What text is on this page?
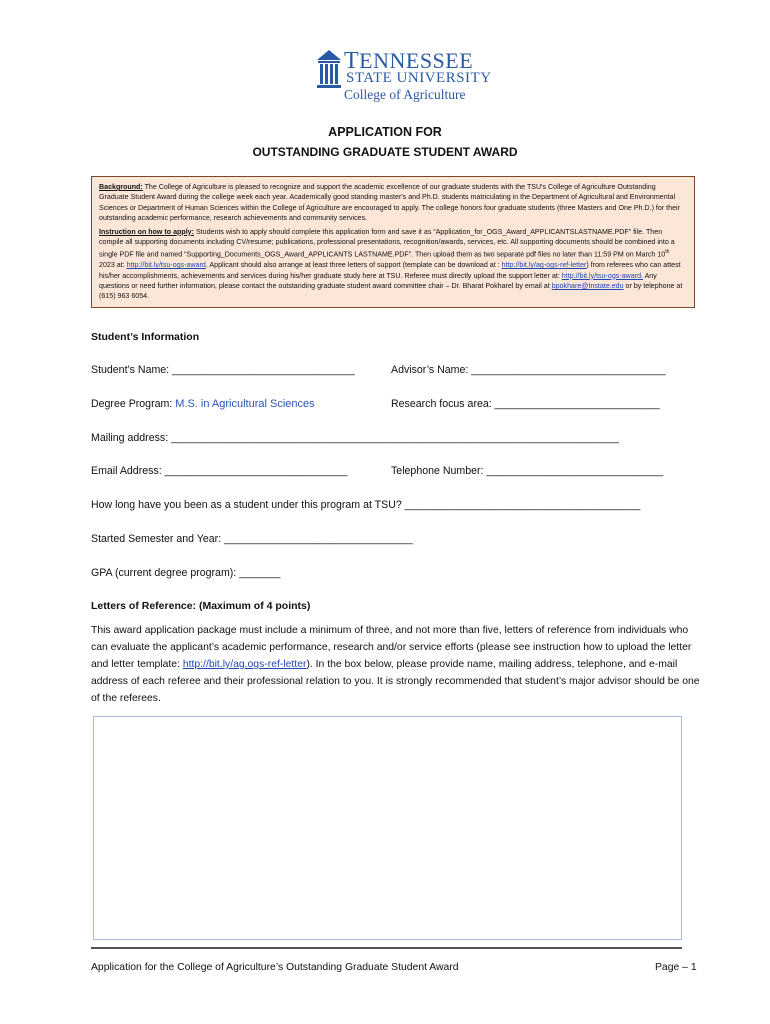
TENNESSEE
STATE UNIVERSITY
College of Agriculture
APPLICATION FOR
OUTSTANDING GRADUATE STUDENT AWARD

Background: The College of Agriculture is pleased to recognize and support the academic excellence of our graduate students with the TSU's College of Agriculture Outstanding Graduate Student Award during the college week each year. Academically good standing master's and Ph.D. students matriculating in the Department of Agricultural and Environmental Sciences or Department of Human Sciences within the College of Agriculture are encouraged to apply. The college honors four graduate students (three Masters and One Ph.D.) for their outstanding academic performance, research achievements and community services.

Instruction on how to apply: Students wish to apply should complete this application form and save it as “Application_for_OGS_Award_APPLICANTSLASTNAME.PDF” file. Then compile all supporting documents including CV/resume; publications, professional presentations, recognition/awards, services, etc. All supporting documents should be combined into a single PDF file and named “Supporting_Documents_OGS_Award_APPLICANTS LASTNAME.PDF”. Then upload them as two separate pdf files no later than 11:59 PM on March 10th 2023 at: http://bit.ly/tsu-ogs-award. Applicant should also arrange at least three letters of support (template can be download at : http://bit.ly/ag-ogs-ref-letter) from referees who can attest his/her accomplishments, achievements and services during his/her graduate study here at TSU. Referee must directly upload the support letter at: http://bit.ly/tsu-ogs-award. Any questions or need further information, please contact the outstanding graduate student award committee chair – Dr. Bharat Pokharel by email at bpokhare@tnstate.edu or by telephone at (615) 963 6054.

Student’s Information
Student’s Name: _______________________________	Advisor’s Name: _________________________________
Degree Program: M.S. in Agricultural Sciences	Research focus area: ____________________________
Mailing address: ____________________________________________________________________________
Email Address: _______________________________	Telephone Number: ______________________________
How long have you been as a student under this program at TSU? ________________________________________
Started Semester and Year: ________________________________
GPA (current degree program): _______
Letters of Reference: (Maximum of 4 points)
This award application package must include a minimum of three, and not more than five, letters of reference from individuals who can evaluate the applicant’s academic performance, research and/or service efforts (please see instruction how to upload the letter and letter template: http://bit.ly/ag.ogs-ref-letter). In the box below, please provide name, mailing address, telephone, and e-mail address of each referee and their professional relation to you. It is strongly recommended that student’s major advisor should be one of the referees.
Application for the College of Agriculture’s Outstanding Graduate Student Award	Page – 1
